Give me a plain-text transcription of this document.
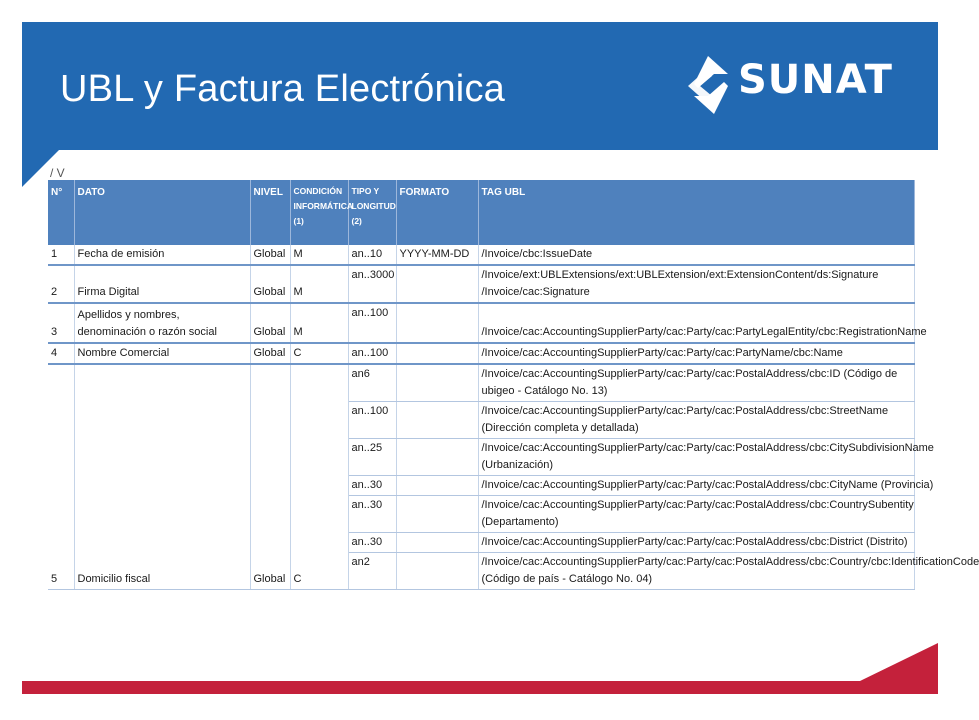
UBL y Factura Electrónica	SUNAT
/ V
N°	DATO	NIVEL	CONDICIÓN INFORMÁTICA (1)	TIPO Y LONGITUD (2)	FORMATO	TAG UBL
1	Fecha de emisión	Global	M	an..10	YYYY-MM-DD	/Invoice/cbc:IssueDate
2	Firma Digital	Global	M	an..3000		/Invoice/ext:UBLExtensions/ext:UBLExtension/ext:ExtensionContent/ds:Signature /Invoice/cac:Signature
3	Apellidos y nombres, denominación o razón social	Global	M	an..100		/Invoice/cac:AccountingSupplierParty/cac:Party/cac:PartyLegalEntity/cbc:RegistrationName
4	Nombre Comercial	Global	C	an..100		/Invoice/cac:AccountingSupplierParty/cac:Party/cac:PartyName/cbc:Name
5	Domicilio fiscal	Global	C	an6		/Invoice/cac:AccountingSupplierParty/cac:Party/cac:PostalAddress/cbc:ID (Código de ubigeo - Catálogo No. 13)
				an..100		/Invoice/cac:AccountingSupplierParty/cac:Party/cac:PostalAddress/cbc:StreetName (Dirección completa y detallada)
				an..25		/Invoice/cac:AccountingSupplierParty/cac:Party/cac:PostalAddress/cbc:CitySubdivisionName (Urbanización)
				an..30		/Invoice/cac:AccountingSupplierParty/cac:Party/cac:PostalAddress/cbc:CityName (Provincia)
				an..30		/Invoice/cac:AccountingSupplierParty/cac:Party/cac:PostalAddress/cbc:CountrySubentity (Departamento)
				an..30		/Invoice/cac:AccountingSupplierParty/cac:Party/cac:PostalAddress/cbc:District (Distrito)
				an2		/Invoice/cac:AccountingSupplierParty/cac:Party/cac:PostalAddress/cbc:Country/cbc:IdentificationCode (Código de país - Catálogo No. 04)
